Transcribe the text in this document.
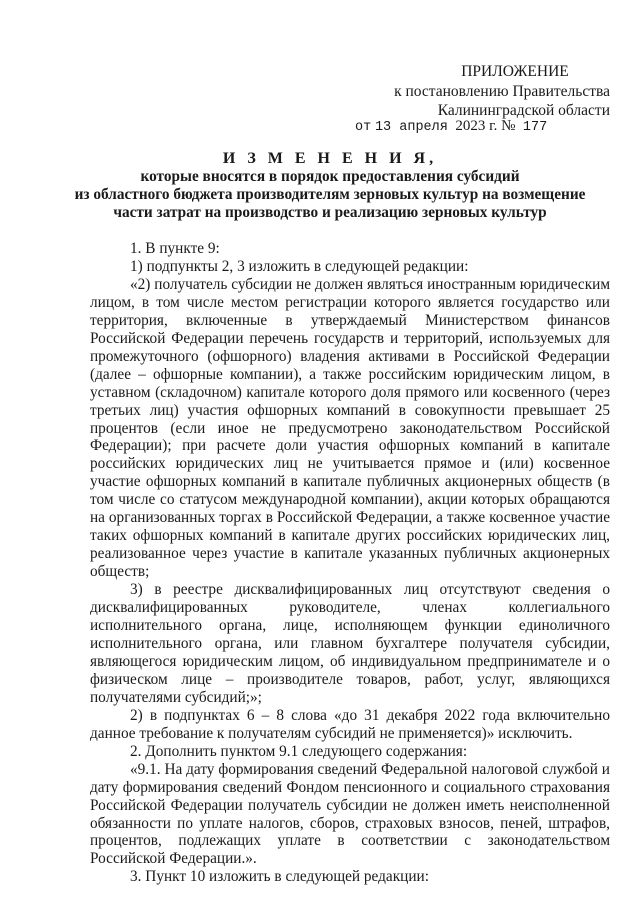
ПРИЛОЖЕНИЕ
к постановлению Правительства
Калининградской области
от 13 апреля 2023 г. № 177
И З М Е Н Е Н И Я,
которые вносятся в порядок предоставления субсидий
из областного бюджета производителям зерновых культур на возмещение
части затрат на производство и реализацию зерновых культур

1. В пункте 9:

1) подпункты 2, 3 изложить в следующей редакции:

«2) получатель субсидии не должен являться иностранным юридическим лицом, в том числе местом регистрации которого является государство или территория, включенные в утверждаемый Министерством финансов Российской Федерации перечень государств и территорий, используемых для промежуточного (офшорного) владения активами в Российской Федерации (далее – офшорные компании), а также российским юридическим лицом, в уставном (складочном) капитале которого доля прямого или косвенного (через третьих лиц) участия офшорных компаний в совокупности превышает 25 процентов (если иное не предусмотрено законодательством Российской Федерации); при расчете доли участия офшорных компаний в капитале российских юридических лиц не учитывается прямое и (или) косвенное участие офшорных компаний в капитале публичных акционерных обществ (в том числе со статусом международной компании), акции которых обращаются на организованных торгах в Российской Федерации, а также косвенное участие таких офшорных компаний в капитале других российских юридических лиц, реализованное через участие в капитале указанных публичных акционерных обществ;

3) в реестре дисквалифицированных лиц отсутствуют сведения о дисквалифицированных руководителе, членах коллегиального исполнительного органа, лице, исполняющем функции единоличного исполнительного органа, или главном бухгалтере получателя субсидии, являющегося юридическим лицом, об индивидуальном предпринимателе и о физическом лице – производителе товаров, работ, услуг, являющихся получателями субсидий;»;

2) в подпунктах 6 – 8 слова «до 31 декабря 2022 года включительно данное требование к получателям субсидий не применяется)» исключить.

2. Дополнить пунктом 9.1 следующего содержания:

«9.1. На дату формирования сведений Федеральной налоговой службой и дату формирования сведений Фондом пенсионного и социального страхования Российской Федерации получатель субсидии не должен иметь неисполненной обязанности по уплате налогов, сборов, страховых взносов, пеней, штрафов, процентов, подлежащих уплате в соответствии с законодательством Российской Федерации.».

3. Пункт 10 изложить в следующей редакции:
